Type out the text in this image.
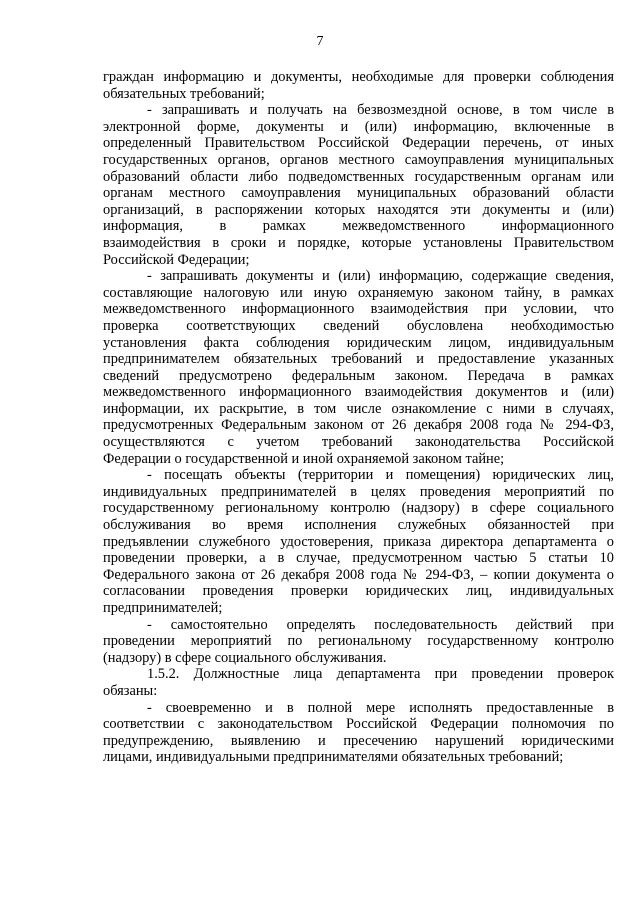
7
граждан информацию и документы, необходимые для проверки соблюдения
обязательных требований;
- запрашивать и получать на безвозмездной основе, в том числе в
электронной форме, документы и (или) информацию, включенные в
определенный Правительством Российской Федерации перечень, от иных
государственных органов, органов местного самоуправления муниципальных
образований области либо подведомственных государственным органам или
органам местного самоуправления муниципальных образований области
организаций, в распоряжении которых находятся эти документы и (или)
информация, в рамках межведомственного информационного
взаимодействия в сроки и порядке, которые установлены Правительством
Российской Федерации;
- запрашивать документы и (или) информацию, содержащие сведения,
составляющие налоговую или иную охраняемую законом тайну, в рамках
межведомственного информационного взаимодействия при условии, что
проверка соответствующих сведений обусловлена необходимостью
установления факта соблюдения юридическим лицом, индивидуальным
предпринимателем обязательных требований и предоставление указанных
сведений предусмотрено федеральным законом. Передача в рамках
межведомственного информационного взаимодействия документов и (или)
информации, их раскрытие, в том числе ознакомление с ними в случаях,
предусмотренных Федеральным законом от 26 декабря 2008 года № 294-ФЗ,
осуществляются с учетом требований законодательства Российской
Федерации о государственной и иной охраняемой законом тайне;
- посещать объекты (территории и помещения) юридических лиц,
индивидуальных предпринимателей в целях проведения мероприятий по
государственному региональному контролю (надзору) в сфере социального
обслуживания во время исполнения служебных обязанностей при
предъявлении служебного удостоверения, приказа директора департамента о
проведении проверки, а в случае, предусмотренном частью 5 статьи 10
Федерального закона от 26 декабря 2008 года № 294-ФЗ, – копии документа о
согласовании проведения проверки юридических лиц, индивидуальных
предпринимателей;
- самостоятельно определять последовательность действий при
проведении мероприятий по региональному государственному контролю
(надзору) в сфере социального обслуживания.
1.5.2. Должностные лица департамента при проведении проверок
обязаны:
- своевременно и в полной мере исполнять предоставленные в
соответствии с законодательством Российской Федерации полномочия по
предупреждению, выявлению и пресечению нарушений юридическими
лицами, индивидуальными предпринимателями обязательных требований;
